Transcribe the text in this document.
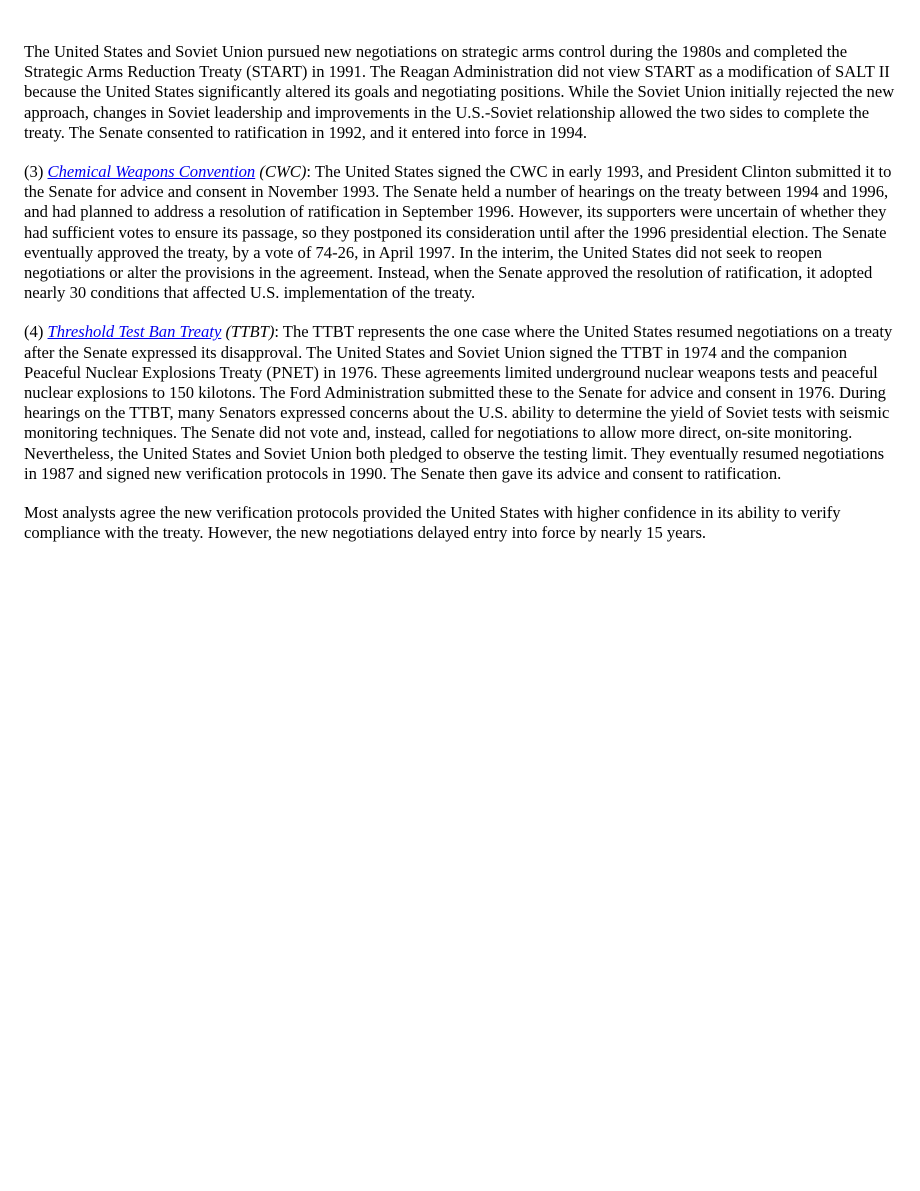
The United States and Soviet Union pursued new negotiations on strategic arms control during the 1980s and completed the Strategic Arms Reduction Treaty (START) in 1991. The Reagan Administration did not view START as a modification of SALT II because the United States significantly altered its goals and negotiating positions. While the Soviet Union initially rejected the new approach, changes in Soviet leadership and improvements in the U.S.-Soviet relationship allowed the two sides to complete the treaty. The Senate consented to ratification in 1992, and it entered into force in 1994.

(3) Chemical Weapons Convention (CWC): The United States signed the CWC in early 1993, and President Clinton submitted it to the Senate for advice and consent in November 1993. The Senate held a number of hearings on the treaty between 1994 and 1996, and had planned to address a resolution of ratification in September 1996. However, its supporters were uncertain of whether they had sufficient votes to ensure its passage, so they postponed its consideration until after the 1996 presidential election. The Senate eventually approved the treaty, by a vote of 74-26, in April 1997. In the interim, the United States did not seek to reopen negotiations or alter the provisions in the agreement. Instead, when the Senate approved the resolution of ratification, it adopted nearly 30 conditions that affected U.S. implementation of the treaty.

(4) Threshold Test Ban Treaty (TTBT): The TTBT represents the one case where the United States resumed negotiations on a treaty after the Senate expressed its disapproval. The United States and Soviet Union signed the TTBT in 1974 and the companion Peaceful Nuclear Explosions Treaty (PNET) in 1976. These agreements limited underground nuclear weapons tests and peaceful nuclear explosions to 150 kilotons. The Ford Administration submitted these to the Senate for advice and consent in 1976. During hearings on the TTBT, many Senators expressed concerns about the U.S. ability to determine the yield of Soviet tests with seismic monitoring techniques. The Senate did not vote and, instead, called for negotiations to allow more direct, on-site monitoring. Nevertheless, the United States and Soviet Union both pledged to observe the testing limit. They eventually resumed negotiations in 1987 and signed new verification protocols in 1990. The Senate then gave its advice and consent to ratification.

Most analysts agree the new verification protocols provided the United States with higher confidence in its ability to verify compliance with the treaty. However, the new negotiations delayed entry into force by nearly 15 years.
